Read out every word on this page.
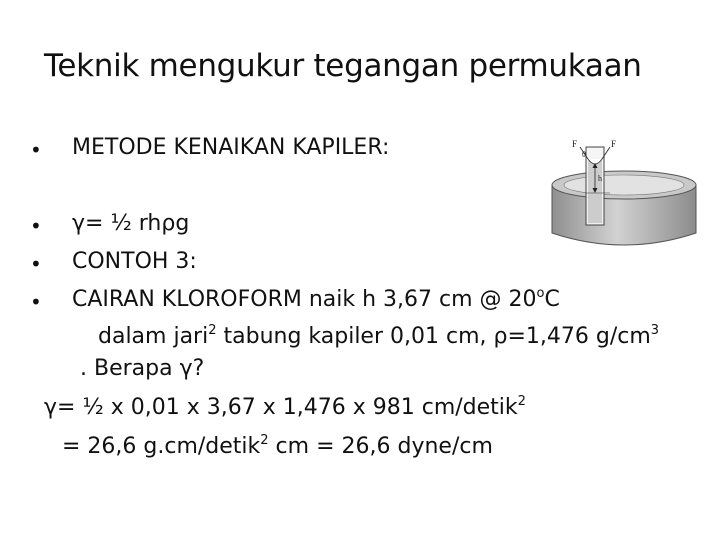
Teknik mengukur tegangan permukaan
• METODE KENAIKAN KAPILER:
• γ= ½ rhρg
• CONTOH 3:
• CAIRAN KLOROFORM naik h 3,67 cm @ 20$^o$C
dalam jari$^2$ tabung kapiler 0,01 cm, ρ=1,476 $g/cm^3$
. Berapa γ?
γ= ½ x 0,01 x 3,67 x 1,476 x 981 cm/detik$^2$
= 26,6 g.cm/detik$^2$ cm = 26,6 dyne/cm
F	F
θ
h
